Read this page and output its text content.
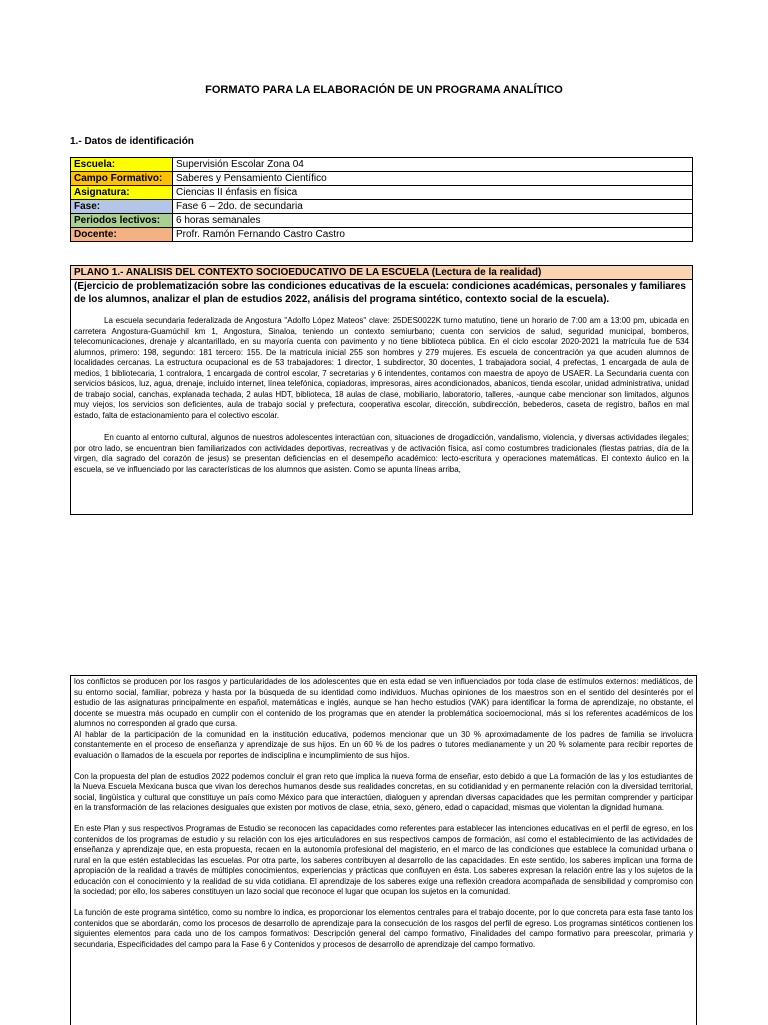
FORMATO PARA LA ELABORACIÓN DE UN PROGRAMA ANALÍTICO
1.- Datos de identificación
Escuela:	Supervisión Escolar Zona 04
Campo Formativo:	Saberes y Pensamiento Científico
Asignatura:	Ciencias II énfasis en física
Fase:	Fase 6 – 2do. de secundaria
Periodos lectivos:	6 horas semanales
Docente:	Profr. Ramón Fernando Castro Castro
PLANO 1.- ANALISIS DEL CONTEXTO SOCIOEDUCATIVO DE LA ESCUELA (Lectura de la realidad)
(Ejercicio de problematización sobre las condiciones educativas de la escuela: condiciones académicas, personales y familiares de los alumnos, analizar el plan de estudios 2022, análisis del programa sintético, contexto social de la escuela).

La escuela secundaria federalizada de Angostura "Adolfo López Mateos" clave: 25DES0022K turno matutino, tiene un horario de 7:00 am a 13:00 pm, ubicada en carretera Angostura-Guamúchil km 1, Angostura, Sinaloa, teniendo un contexto semiurbano; cuenta con servicios de salud, seguridad municipal, bomberos, telecomunicaciones, drenaje y alcantarillado, en su mayoría cuenta con pavimento y no tiene biblioteca pública. En el ciclo escolar 2020-2021 la matrícula fue de 534 alumnos, primero: 198, segundo: 181 tercero: 155. De la matricula inicial 255 son hombres y 279 mujeres. Es escuela de concentración ya que acuden alumnos de localidades cercanas. La estructura ocupacional es de 53 trabajadores: 1 director, 1 subdirector, 30 docentes, 1 trabajadora social, 4 prefectas, 1 encargada de aula de medios, 1 bibliotecaria, 1 contralora, 1 encargada de control escolar, 7 secretarias y 6 intendentes, contamos con maestra de apoyo de USAER. La Secundaria cuenta con servicios básicos, luz, agua, drenaje, incluido internet, línea telefónica, copiadoras, impresoras, aires acondicionados, abanicos, tienda escolar, unidad administrativa, unidad de trabajo social, canchas, explanada techada, 2 aulas HDT, biblioteca, 18 aulas de clase, mobiliario, laboratorio, talleres, -aunque cabe mencionar son limitados, algunos muy viejos, los servicios son deficientes, aula de trabajo social y prefectura, cooperativa escolar, dirección, subdirección, bebederos, caseta de registro, baños en mal estado, falta de estacionamiento para el colectivo escolar.

En cuanto al entorno cultural, algunos de nuestros adolescentes interactúan con, situaciones de drogadicción, vandalismo, violencia, y diversas actividades ilegales; por otro lado, se encuentran bien familiarizados con actividades deportivas, recreativas y de activación física, así como costumbres tradicionales (fiestas patrias, día de la virgen, día sagrado del corazón de jesus) se presentan deficiencias en el desempeño académico: lecto-escritura y operaciones matemáticas. El contexto áulico en la escuela, se ve influenciado por las características de los alumnos que asisten. Como se apunta líneas arriba,

los conflictos se producen por los rasgos y particularidades de los adolescentes que en esta edad se ven influenciados por toda clase de estímulos externos: mediáticos, de su entorno social, familiar, pobreza y hasta por la búsqueda de su identidad como individuos. Muchas opiniones de los maestros son en el sentido del desinterés por el estudio de las asignaturas principalmente en español, matemáticas e inglés, aunque se han hecho estudios (VAK) para identificar la forma de aprendizaje, no obstante, el docente se muestra más ocupado en cumplir con el contenido de los programas que en atender la problemática socioemocional, más si los referentes académicos de los alumnos no corresponden al grado que cursa.

Al hablar de la participación de la comunidad en la institución educativa, podemos mencionar que un 30 % aproximadamente de los padres de familia se involucra constantemente en el proceso de enseñanza y aprendizaje de sus hijos. En un 60 % de los padres o tutores medianamente y un 20 % solamente para recibir reportes de evaluación o llamados de la escuela por reportes de indisciplina e incumplimiento de sus hijos.

Con la propuesta del plan de estudios 2022 podemos concluir el gran reto que implica la nueva forma de enseñar, esto debido a que La formación de las y los estudiantes de la Nueva Escuela Mexicana busca que vivan los derechos humanos desde sus realidades concretas, en su cotidianidad y en permanente relación con la diversidad territorial, social, lingüística y cultural que constituye un país como México para que interactúen, dialoguen y aprendan diversas capacidades que les permitan comprender y participar en la transformación de las relaciones desiguales que existen por motivos de clase, etnia, sexo, género, edad o capacidad, mismas que violentan la dignidad humana.

En este Plan y sus respectivos Programas de Estudio se reconocen las capacidades como referentes para establecer las intenciones educativas en el perfil de egreso, en los contenidos de los programas de estudio y su relación con los ejes articuladores en sus respectivos campos de formación, así como el establecimiento de las actividades de enseñanza y aprendizaje que, en esta propuesta, recaen en la autonomía profesional del magisterio, en el marco de las condiciones que establece la comunidad urbana o rural en la que estén establecidas las escuelas. Por otra parte, los saberes contribuyen al desarrollo de las capacidades. En este sentido, los saberes implican una forma de apropiación de la realidad a través de múltiples conocimientos, experiencias y prácticas que confluyen en ésta. Los saberes expresan la relación entre las y los sujetos de la educación con el conocimiento y la realidad de su vida cotidiana. El aprendizaje de los saberes exige una reflexión creadora acompañada de sensibilidad y compromiso con la sociedad; por ello, los saberes constituyen un lazo social que reconoce el lugar que ocupan los sujetos en la comunidad.

La función de este programa sintético, como su nombre lo indica, es proporcionar los elementos centrales para el trabajo docente, por lo que concreta para esta fase tanto los contenidos que se abordarán, como los procesos de desarrollo de aprendizaje para la consecución de los rasgos del perfil de egreso. Los programas sintéticos contienen los siguientes elementos para cada uno de los campos formativos: Descripción general del campo formativo, Finalidades del campo formativo para preescolar, primaria y secundaria, Especificidades del campo para la Fase 6 y Contenidos y procesos de desarrollo de aprendizaje del campo formativo.
